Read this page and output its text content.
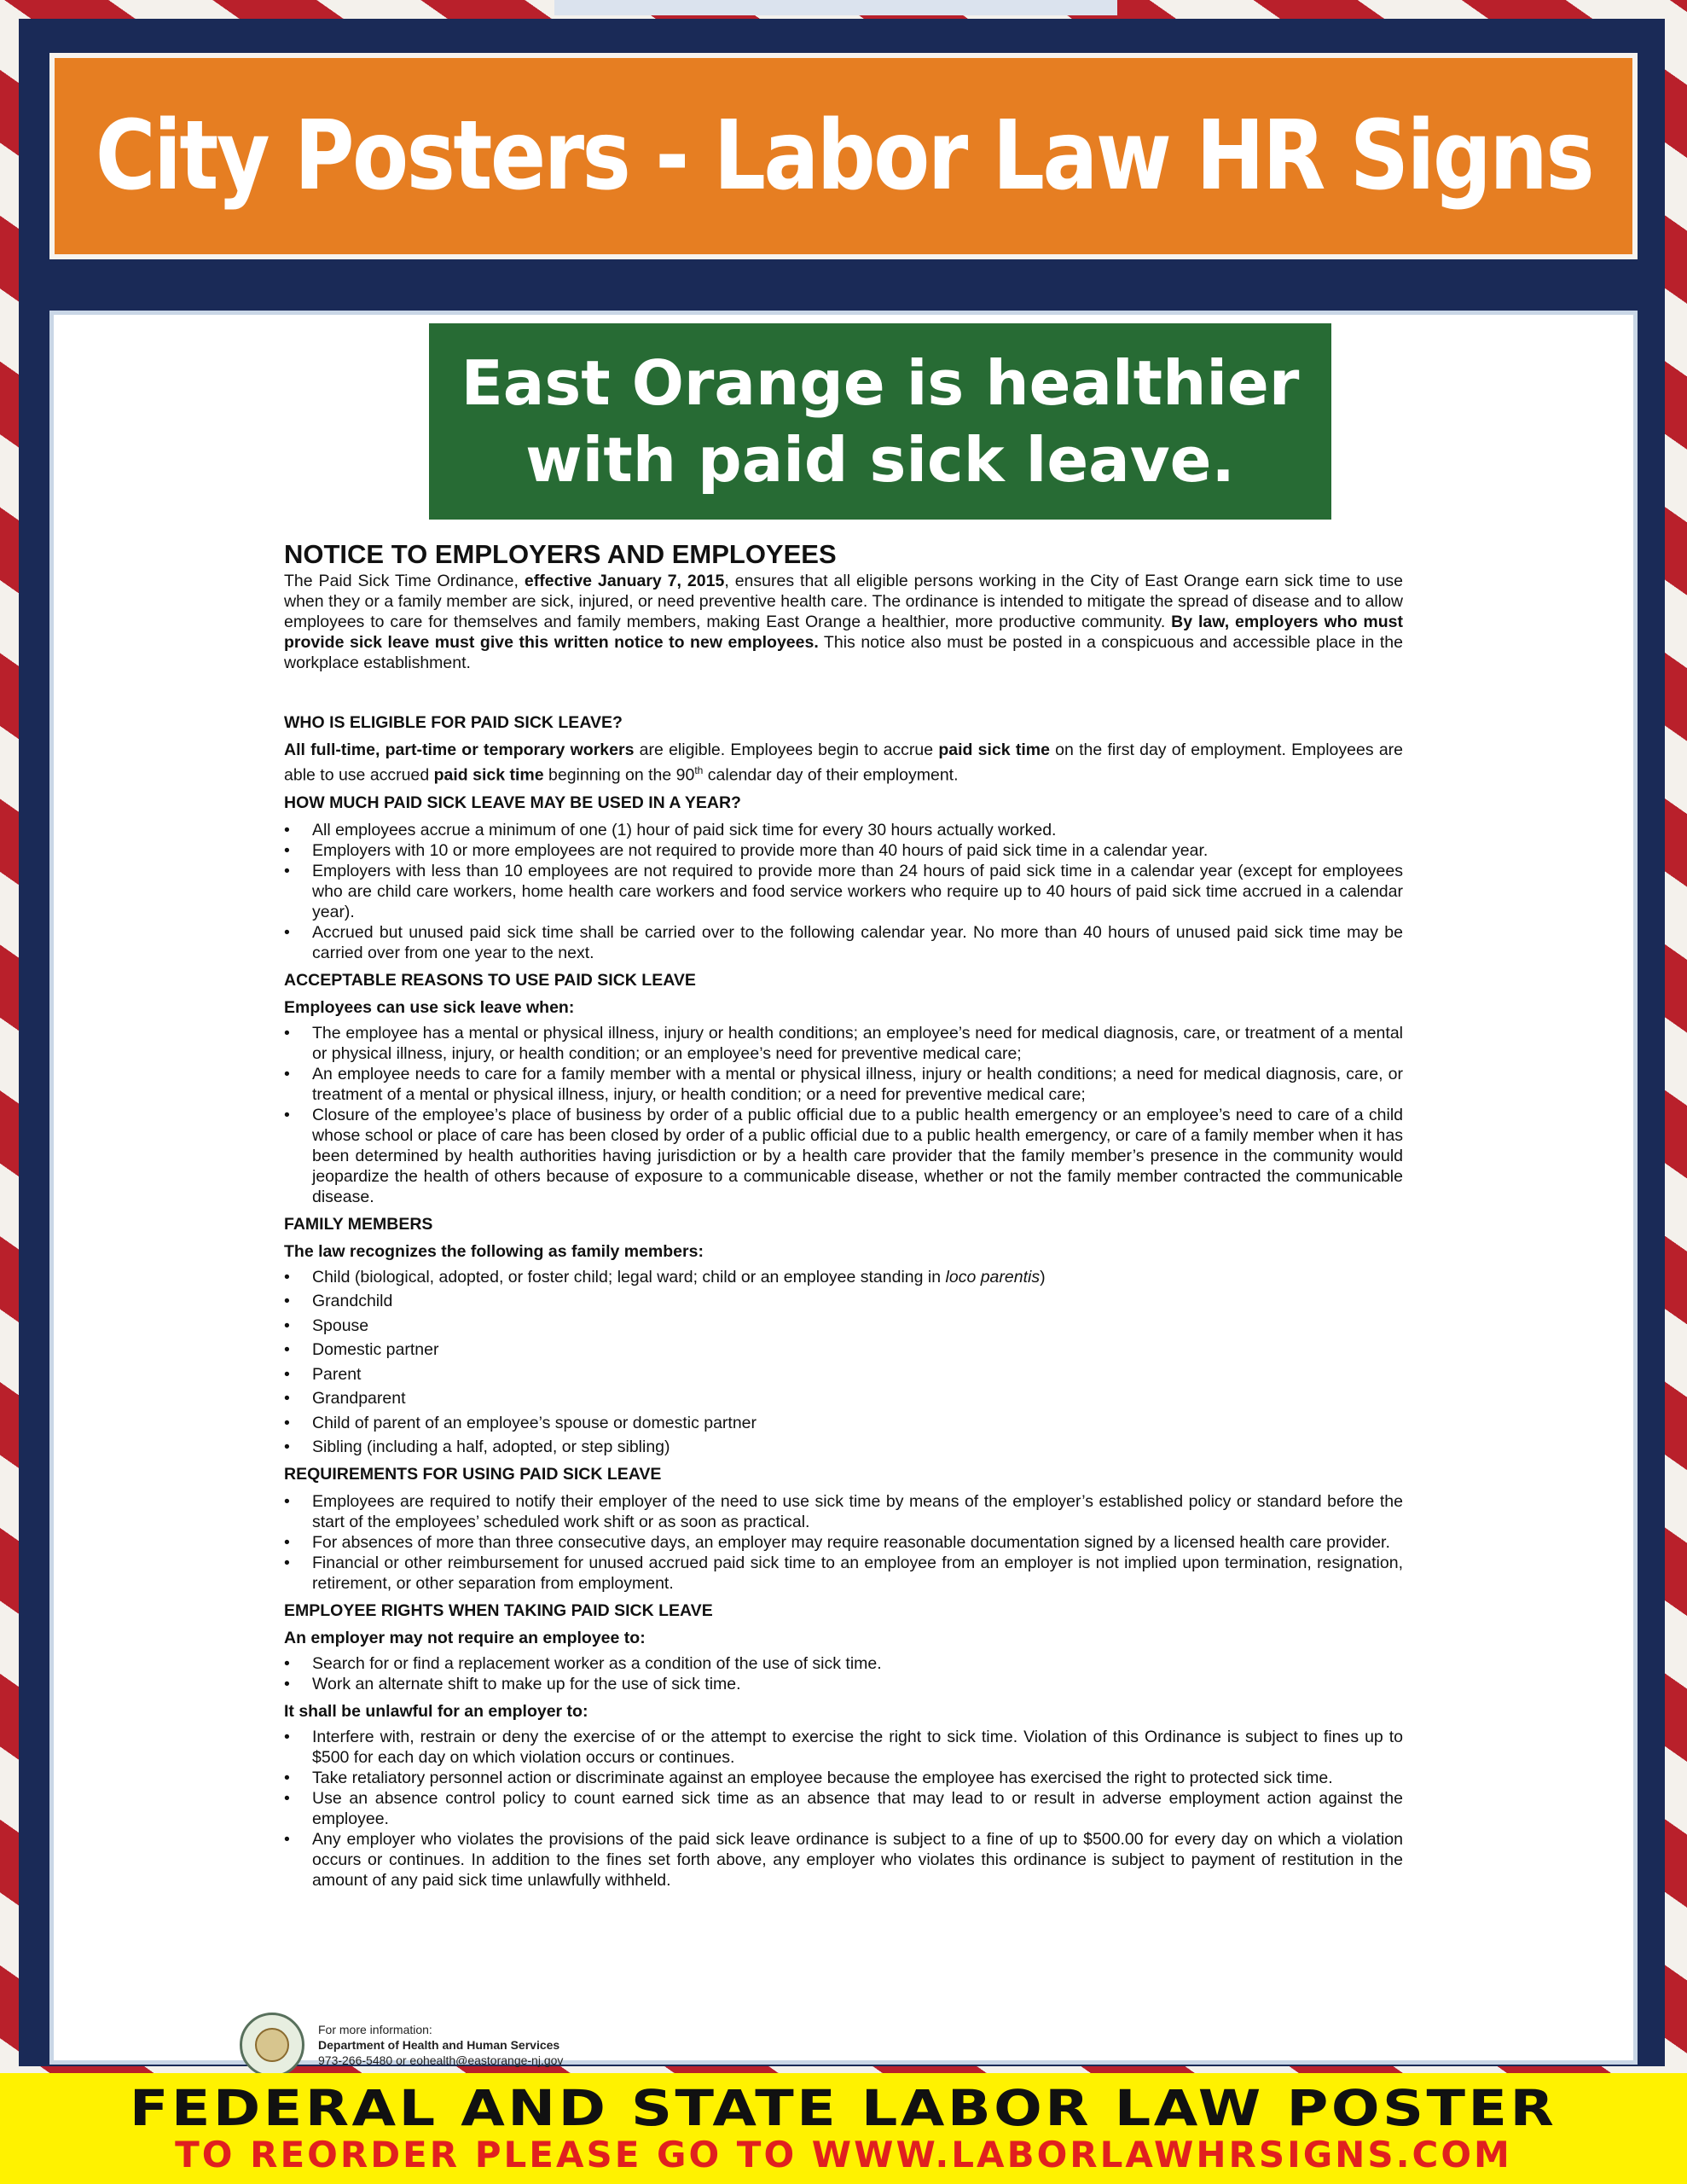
City Posters - Labor Law HR Signs
East Orange is healthier
with paid sick leave.
NOTICE TO EMPLOYERS AND EMPLOYEES

The Paid Sick Time Ordinance, effective January 7, 2015, ensures that all eligible persons working in the City of East Orange earn sick time to use when they or a family member are sick, injured, or need preventive health care. The ordinance is intended to mitigate the spread of disease and to allow employees to care for themselves and family members, making East Orange a healthier, more productive community. By law, employers who must provide sick leave must give this written notice to new employees. This notice also must be posted in a conspicuous and accessible place in the workplace establishment.

WHO IS ELIGIBLE FOR PAID SICK LEAVE?

All full-time, part-time or temporary workers are eligible. Employees begin to accrue paid sick time on the first day of employment. Employees are able to use accrued paid sick time beginning on the 90th calendar day of their employment.

HOW MUCH PAID SICK LEAVE MAY BE USED IN A YEAR?
• All employees accrue a minimum of one (1) hour of paid sick time for every 30 hours actually worked.
• Employers with 10 or more employees are not required to provide more than 40 hours of paid sick time in a calendar year.
• Employers with less than 10 employees are not required to provide more than 24 hours of paid sick time in a calendar year (except for employees who are child care workers, home health care workers and food service workers who require up to 40 hours of paid sick time accrued in a calendar year).
• Accrued but unused paid sick time shall be carried over to the following calendar year. No more than 40 hours of unused paid sick time may be carried over from one year to the next.
ACCEPTABLE REASONS TO USE PAID SICK LEAVE
Employees can use sick leave when:
• The employee has a mental or physical illness, injury or health conditions; an employee’s need for medical diagnosis, care, or treatment of a mental or physical illness, injury, or health condition; or an employee’s need for preventive medical care;
• An employee needs to care for a family member with a mental or physical illness, injury or health conditions; a need for medical diagnosis, care, or treatment of a mental or physical illness, injury, or health condition; or a need for preventive medical care;
• Closure of the employee’s place of business by order of a public official due to a public health emergency or an employee’s need to care of a child whose school or place of care has been closed by order of a public official due to a public health emergency, or care of a family member when it has been determined by health authorities having jurisdiction or by a health care provider that the family member’s presence in the community would jeopardize the health of others because of exposure to a communicable disease, whether or not the family member contracted the communicable disease.
FAMILY MEMBERS
The law recognizes the following as family members:
• Child (biological, adopted, or foster child; legal ward; child or an employee standing in loco parentis)
• Grandchild
• Spouse
• Domestic partner
• Parent
• Grandparent
• Child of parent of an employee’s spouse or domestic partner
• Sibling (including a half, adopted, or step sibling)
REQUIREMENTS FOR USING PAID SICK LEAVE
• Employees are required to notify their employer of the need to use sick time by means of the employer’s established policy or standard before the start of the employees’ scheduled work shift or as soon as practical.
• For absences of more than three consecutive days, an employer may require reasonable documentation signed by a licensed health care provider.
• Financial or other reimbursement for unused accrued paid sick time to an employee from an employer is not implied upon termination, resignation, retirement, or other separation from employment.
EMPLOYEE RIGHTS WHEN TAKING PAID SICK LEAVE
An employer may not require an employee to:
• Search for or find a replacement worker as a condition of the use of sick time.
• Work an alternate shift to make up for the use of sick time.
It shall be unlawful for an employer to:
• Interfere with, restrain or deny the exercise of or the attempt to exercise the right to sick time. Violation of this Ordinance is subject to fines up to $500 for each day on which violation occurs or continues.
• Take retaliatory personnel action or discriminate against an employee because the employee has exercised the right to protected sick time.
• Use an absence control policy to count earned sick time as an absence that may lead to or result in adverse employment action against the employee.
• Any employer who violates the provisions of the paid sick leave ordinance is subject to a fine of up to $500.00 for every day on which a violation occurs or continues. In addition to the fines set forth above, any employer who violates this ordinance is subject to payment of restitution in the amount of any paid sick time unlawfully withheld.
For more information:
Department of Health and Human Services
973-266-5480 or eohealth@eastorange-nj.gov
FEDERAL AND STATE LABOR LAW POSTER
TO REORDER PLEASE GO TO WWW.LABORLAWHRSIGNS.COM
